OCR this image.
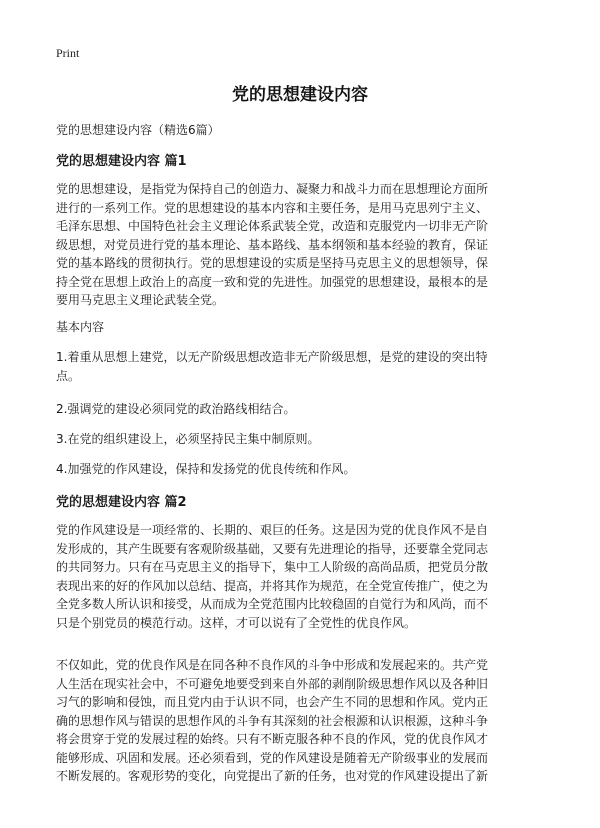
Print
党的思想建设内容

党的思想建设内容（精选6篇）

党的思想建设内容 篇1
党的思想建设，是指党为保持自己的创造力、凝聚力和战斗力而在思想理论方面所
进行的一系列工作。党的思想建设的基本内容和主要任务，是用马克思列宁主义、
毛泽东思想、中国特色社会主义理论体系武装全党，改造和克服党内一切非无产阶
级思想，对党员进行党的基本理论、基本路线、基本纲领和基本经验的教育，保证
党的基本路线的贯彻执行。党的思想建设的实质是坚持马克思主义的思想领导，保
持全党在思想上政治上的高度一致和党的先进性。加强党的思想建设，最根本的是
要用马克思主义理论武装全党。

基本内容

1.着重从思想上建党，以无产阶级思想改造非无产阶级思想，是党的建设的突出特
点。

2.强调党的建设必须同党的政治路线相结合。

3.在党的组织建设上，必须坚持民主集中制原则。

4.加强党的作风建设，保持和发扬党的优良传统和作风。

党的思想建设内容 篇2
党的作风建设是一项经常的、长期的、艰巨的任务。这是因为党的优良作风不是自
发形成的，其产生既要有客观阶级基础，又要有先进理论的指导，还要靠全党同志
的共同努力。只有在马克思主义的指导下，集中工人阶级的高尚品质，把党员分散
表现出来的好的作风加以总结、提高，并将其作为规范，在全党宣传推广，使之为
全党多数人所认识和接受，从而成为全党范围内比较稳固的自觉行为和风尚，而不
只是个别党员的模范行动。这样，才可以说有了全党性的优良作风。
不仅如此，党的优良作风是在同各种不良作风的斗争中形成和发展起来的。共产党
人生活在现实社会中，不可避免地要受到来自外部的剥削阶级思想作风以及各种旧
习气的影响和侵蚀，而且党内由于认识不同，也会产生不同的思想和作风。党内正
确的思想作风与错误的思想作风的斗争有其深刻的社会根源和认识根源，这种斗争
将会贯穿于党的发展过程的始终。只有不断克服各种不良的作风，党的优良作风才
能够形成、巩固和发展。还必须看到，党的作风建设是随着无产阶级事业的发展而
不断发展的。客观形势的变化，向党提出了新的任务，也对党的作风建设提出了新
